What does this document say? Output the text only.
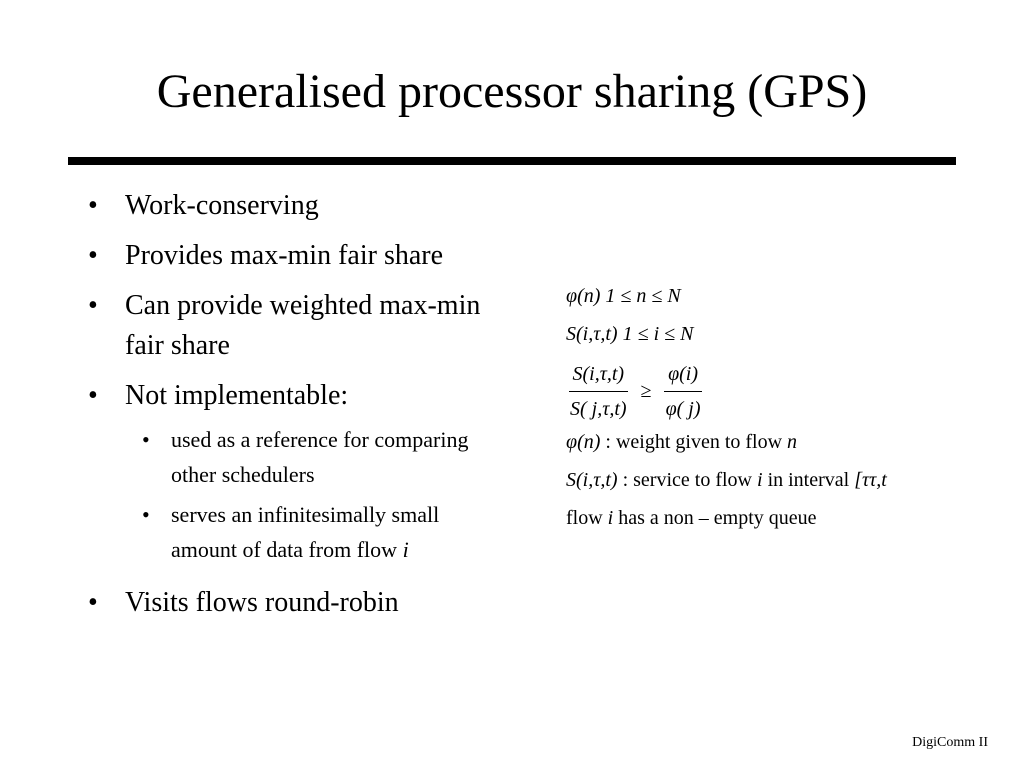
Generalised processor sharing (GPS)
• Work-conserving
• Provides max-min fair share
• Can provide weighted max-min fair share
• Not implementable:
• used as a reference for comparing other schedulers
• serves an infinitesimally small amount of data from flow i
• Visits flows round-robin
φ(n) 1 ≤ n ≤ N
S(i,τ,t) 1 ≤ i ≤ N
$\frac{S(i,\tau,t)}{S( j,\tau,t)} \ge \frac{\varphi(i)}{\varphi( j)}$
φ(n) : weight given to flow n
S(i,τ,t) : service to flow i in interval [ττ,t
flow i has a non – empty queue
DigiComm II
